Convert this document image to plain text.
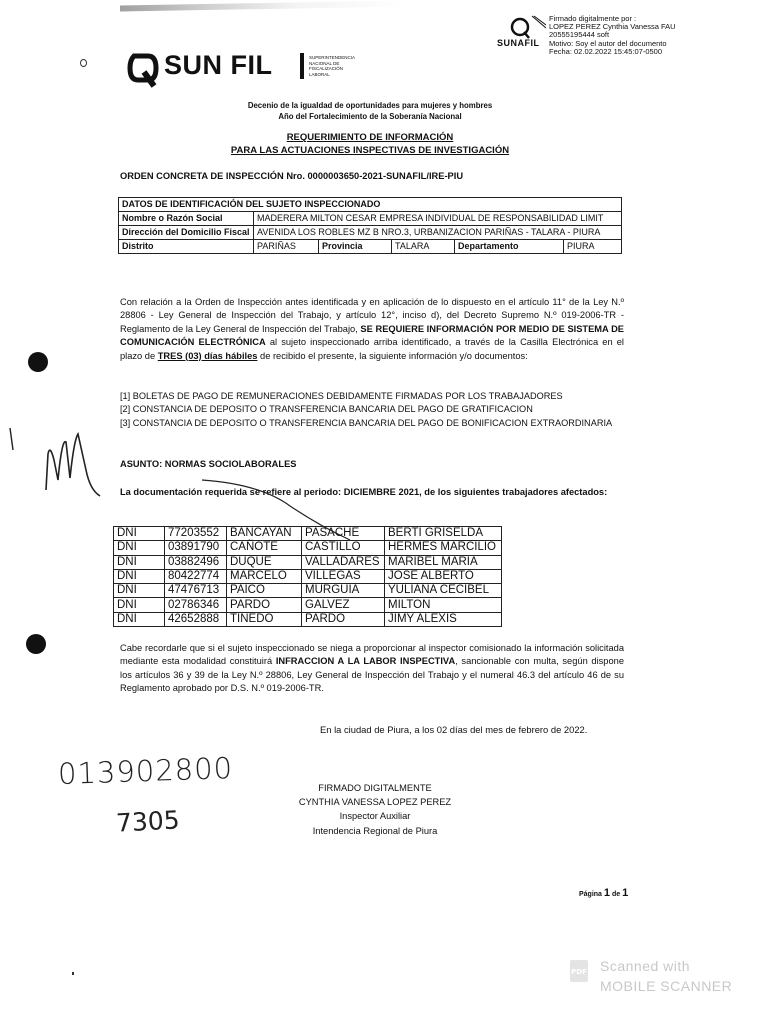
SUNAFIL
Firmado digitalmente por :
LOPEZ PEREZ Cynthia Vanessa FAU
20555195444 soft
Motivo: Soy el autor del documento
Fecha: 02.02.2022 15:45:07-0500
SUN FIL	SUPERINTENDENCIA NACIONAL DE FISCALIZACIÓN LABORAL
Decenio de la igualdad de oportunidades para mujeres y hombres
Año del Fortalecimiento de la Soberanía Nacional
REQUERIMIENTO DE INFORMACIÓN
PARA LAS ACTUACIONES INSPECTIVAS DE INVESTIGACIÓN
ORDEN CONCRETA DE INSPECCIÓN Nro. 0000003650-2021-SUNAFIL/IRE-PIU
DATOS DE IDENTIFICACIÓN DEL SUJETO INSPECCIONADO					
Nombre o Razón Social	MADERERA MILTON CESAR EMPRESA INDIVIDUAL DE RESPONSABILIDAD LIMIT				
Dirección del Domicilio Fiscal	AVENIDA LOS ROBLES MZ B NRO.3, URBANIZACION PARIÑAS - TALARA - PIURA				
Distrito	PARIÑAS	Provincia	TALARA	Departamento	PIURA
Con relación a la Orden de Inspección antes identificada y en aplicación de lo dispuesto en el artículo 11° de la Ley N.º 28806 - Ley General de Inspección del Trabajo, y artículo 12°, inciso d), del Decreto Supremo N.º 019-2006-TR - Reglamento de la Ley General de Inspección del Trabajo, SE REQUIERE INFORMACIÓN POR MEDIO DE SISTEMA DE COMUNICACIÓN ELECTRÓNICA al sujeto inspeccionado arriba identificado, a través de la Casilla Electrónica en el plazo de TRES (03) días hábiles de recibido el presente, la siguiente información y/o documentos:
[1] BOLETAS DE PAGO DE REMUNERACIONES DEBIDAMENTE FIRMADAS POR LOS TRABAJADORES
[2] CONSTANCIA DE DEPOSITO O TRANSFERENCIA BANCARIA DEL PAGO DE GRATIFICACION
[3] CONSTANCIA DE DEPOSITO O TRANSFERENCIA BANCARIA DEL PAGO DE BONIFICACION EXTRAORDINARIA
ASUNTO: NORMAS SOCIOLABORALES
La documentación requerida se refiere al periodo: DICIEMBRE 2021, de los siguientes trabajadores afectados:
DNI	77203552	BANCAYAN	PASACHE	BERTI GRISELDA
DNI	03891790	CAÑOTE	CASTILLO	HERMES MARCILIO
DNI	03882496	DUQUE	VALLADARES	MARIBEL MARIA
DNI	80422774	MARCELO	VILLEGAS	JOSE ALBERTO
DNI	47476713	PAICO	MURGUIA	YULIANA CECIBEL
DNI	02786346	PARDO	GALVEZ	MILTON
DNI	42652888	TINEDO	PARDO	JIMY ALEXIS
Cabe recordarle que si el sujeto inspeccionado se niega a proporcionar al inspector comisionado la información solicitada mediante esta modalidad constituirá INFRACCION A LA LABOR INSPECTIVA, sancionable con multa, según dispone los artículos 36 y 39 de la Ley N.º 28806, Ley General de Inspección del Trabajo y el numeral 46.3 del artículo 46 de su Reglamento aprobado por D.S. N.º 019-2006-TR.
En la ciudad de Piura, a los 02 días del mes de febrero de 2022.
013902800
7305
FIRMADO DIGITALMENTE
CYNTHIA VANESSA LOPEZ PEREZ
Inspector Auxiliar
Intendencia Regional de Piura
Página 1 de 1
PDF Scanned with
MOBILE SCANNER
